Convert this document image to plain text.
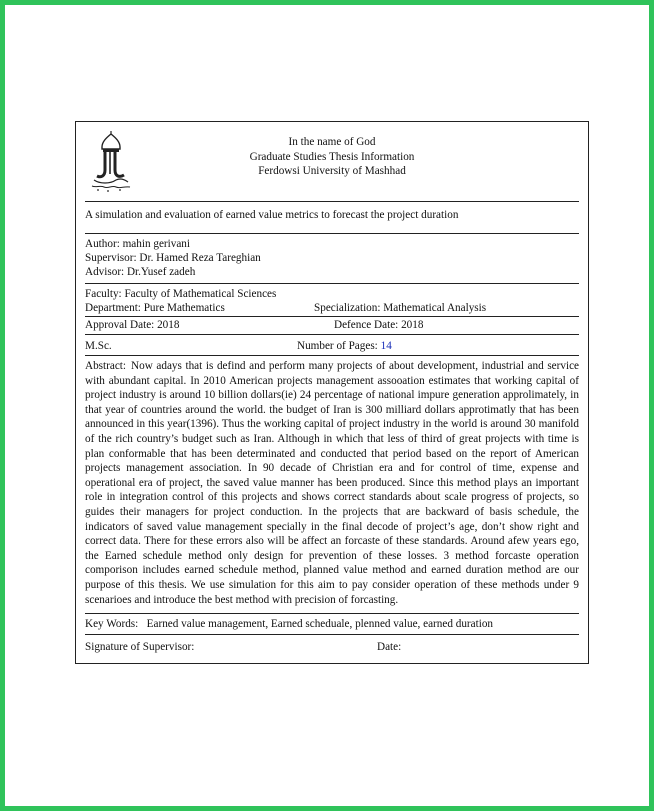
In the name of God
Graduate Studies Thesis Information
Ferdowsi University of Mashhad
A simulation and evaluation of earned value metrics to forecast the project duration
Author: mahin gerivani
Supervisor: Dr. Hamed Reza Tareghian
Advisor: Dr.Yusef zadeh
Faculty: Faculty of Mathematical Sciences
Department: Pure Mathematics	Specialization: Mathematical Analysis
Approval Date: 2018	Defence Date: 2018
M.Sc.	Number of Pages: 14
Abstract: Now adays that is defind and perform many projects of about development, industrial and service with abundant capital. In 2010 American projects management assooation estimates that working capital of project industry is around 10 billion dollars(ie) 24 percentage of national impure generation approlimately, in that year of countries around the world. the budget of Iran is 300 milliard dollars approtimatly that has been announced in this year(1396). Thus the working capital of project industry in the world is around 30 manifold of the rich country’s budget such as Iran. Although in which that less of third of great projects with time is plan conformable that has been determinated and conducted that period based on the report of American projects management association. In 90 decade of Christian era and for control of time, expense and operational era of project, the saved value manner has been produced. Since this method plays an important role in integration control of this projects and shows correct standards about scale progress of projects, so guides their managers for project conduction. In the projects that are backward of basis schedule, the indicators of saved value management specially in the final decode of project’s age, don’t show right and correct data. There for these errors also will be affect an forcaste of these standards. Around afew years ego, the Earned schedule method only design for prevention of these losses. 3 method forcaste operation comporison includes earned schedule method, planned value method and earned duration method are our purpose of this thesis. We use simulation for this aim to pay consider operation of these methods under 9 scenarioes and introduce the best method with precision of forcasting.
Key Words: Earned value management, Earned scheduale, plenned value, earned duration
Signature of Supervisor:	Date:
